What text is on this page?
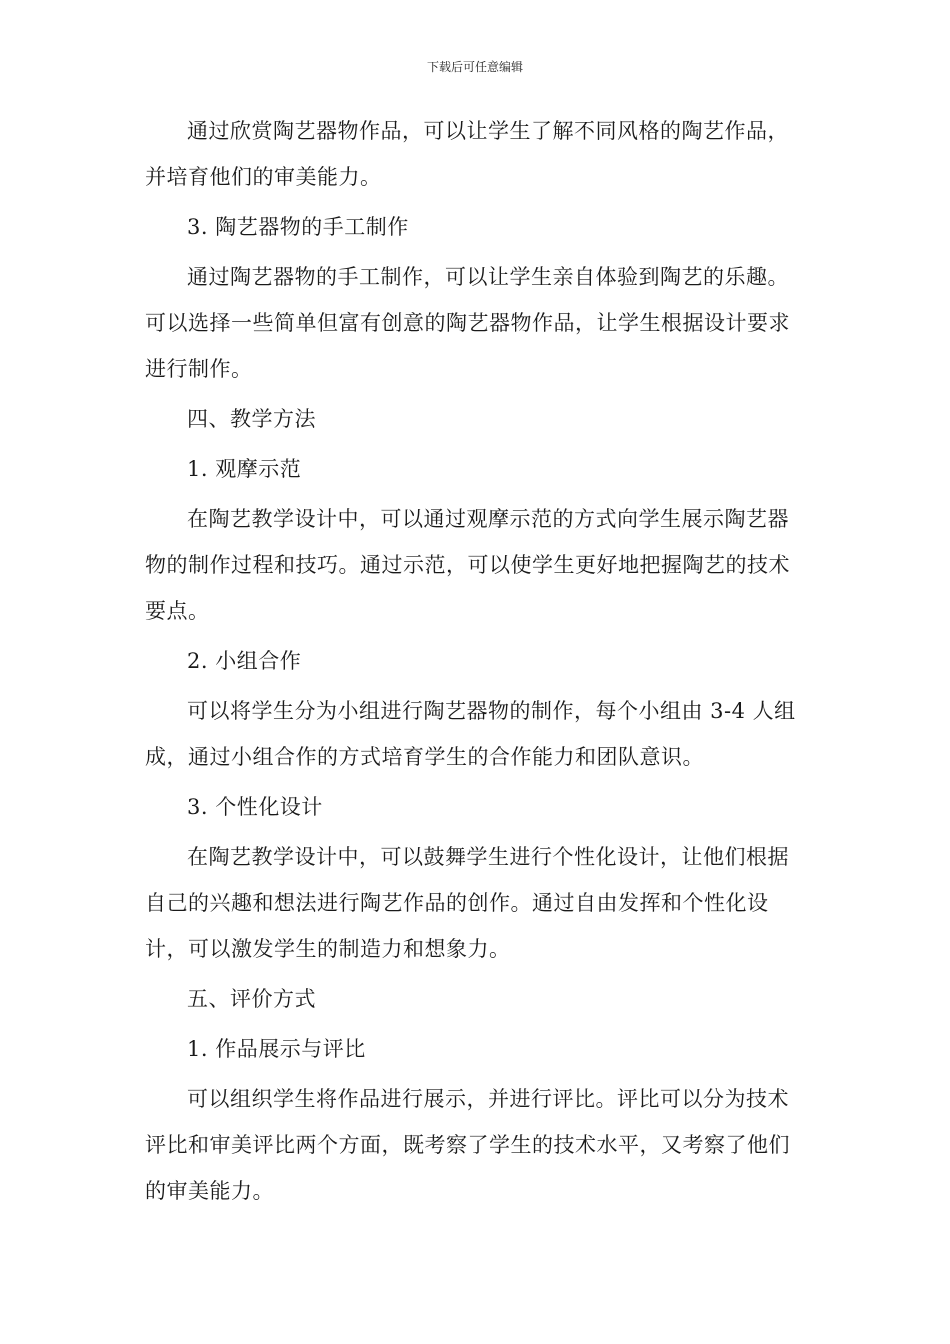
下载后可任意编辑

通过欣赏陶艺器物作品，可以让学生了解不同风格的陶艺作品，并培育他们的审美能力。

3. 陶艺器物的手工制作

通过陶艺器物的手工制作，可以让学生亲自体验到陶艺的乐趣。可以选择一些简单但富有创意的陶艺器物作品，让学生根据设计要求进行制作。

四、教学方法

1. 观摩示范

在陶艺教学设计中，可以通过观摩示范的方式向学生展示陶艺器物的制作过程和技巧。通过示范，可以使学生更好地把握陶艺的技术要点。

2. 小组合作

可以将学生分为小组进行陶艺器物的制作，每个小组由 3-4 人组成，通过小组合作的方式培育学生的合作能力和团队意识。

3. 个性化设计

在陶艺教学设计中，可以鼓舞学生进行个性化设计，让他们根据自己的兴趣和想法进行陶艺作品的创作。通过自由发挥和个性化设计，可以激发学生的制造力和想象力。

五、评价方式

1. 作品展示与评比

可以组织学生将作品进行展示，并进行评比。评比可以分为技术评比和审美评比两个方面，既考察了学生的技术水平，又考察了他们的审美能力。
